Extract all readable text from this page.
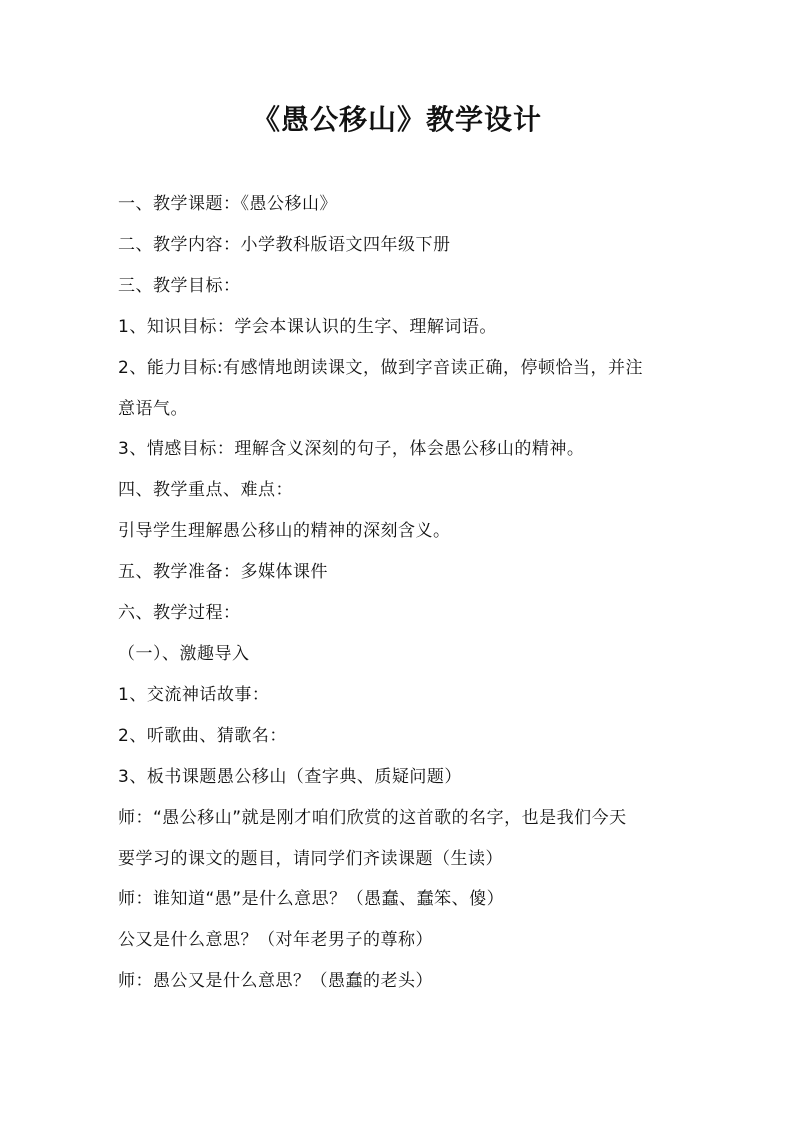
《愚公移山》教学设计
一、教学课题：《愚公移山》
二、教学内容：小学教科版语文四年级下册
三、教学目标：
1、知识目标：学会本课认识的生字、理解词语。
2、能力目标:有感情地朗读课文，做到字音读正确，停顿恰当，并注
意语气。
3、情感目标：理解含义深刻的句子，体会愚公移山的精神。
四、教学重点、难点：
引导学生理解愚公移山的精神的深刻含义。
五、教学准备：多媒体课件
六、教学过程：
（一）、激趣导入
1、交流神话故事：
2、听歌曲、猜歌名：
3、板书课题愚公移山（查字典、质疑问题）
师：“愚公移山”就是刚才咱们欣赏的这首歌的名字，也是我们今天
要学习的课文的题目，请同学们齐读课题（生读）
师：谁知道“愚”是什么意思？（愚蠢、蠢笨、傻）
公又是什么意思？（对年老男子的尊称）
师：愚公又是什么意思？（愚蠢的老头）
